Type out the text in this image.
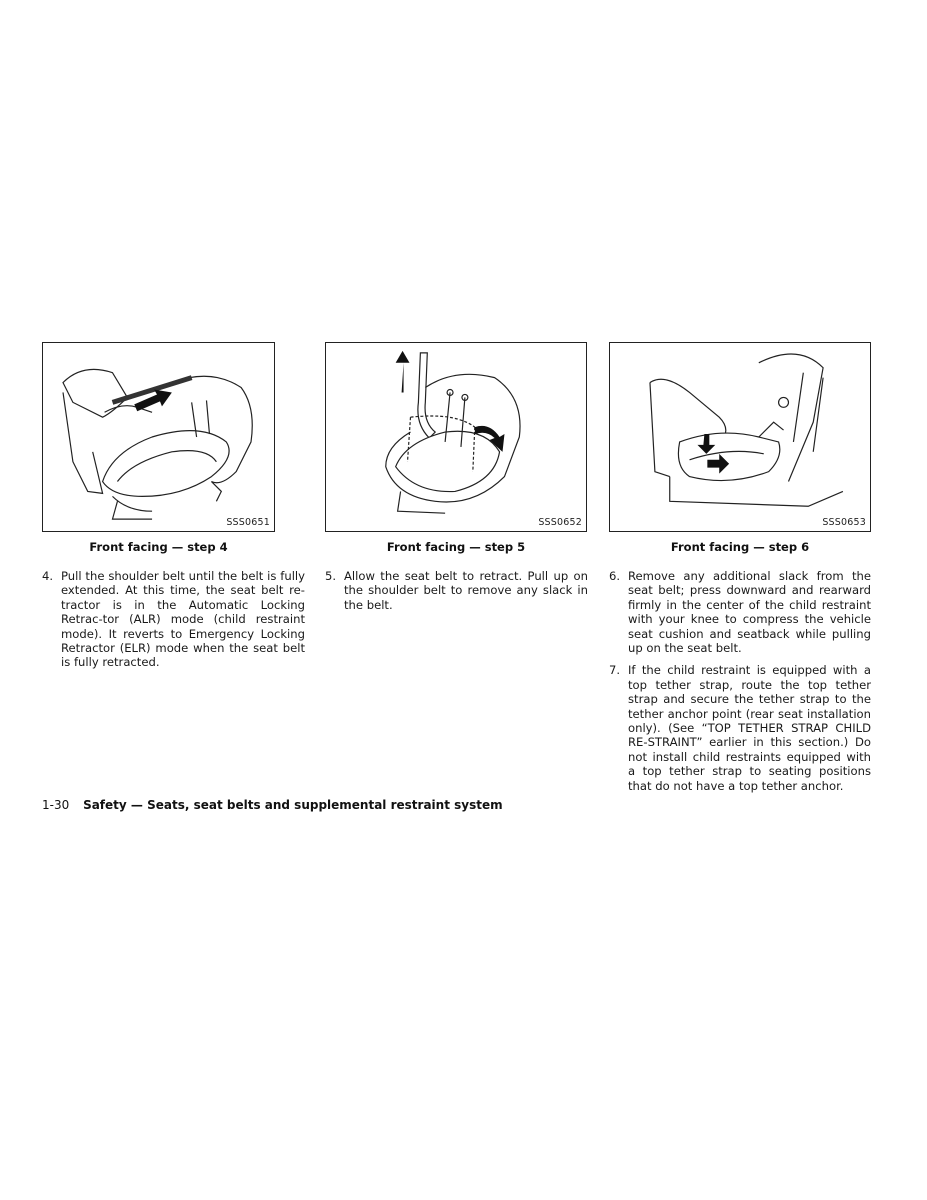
SSS0651
Front facing — step 4
SSS0652
Front facing — step 5
SSS0653
Front facing — step 6
4. Pull the shoulder belt until the belt is fully extended. At this time, the seat belt re-tractor is in the Automatic Locking Retrac-tor (ALR) mode (child restraint mode). It reverts to Emergency Locking Retractor (ELR) mode when the seat belt is fully retracted.
5. Allow the seat belt to retract. Pull up on the shoulder belt to remove any slack in the belt.
6. Remove any additional slack from the seat belt; press downward and rearward firmly in the center of the child restraint with your knee to compress the vehicle seat cushion and seatback while pulling up on the seat belt.
7. If the child restraint is equipped with a top tether strap, route the top tether strap and secure the tether strap to the tether anchor point (rear seat installation only). (See “TOP TETHER STRAP CHILD RE-STRAINT” earlier in this section.) Do not install child restraints equipped with a top tether strap to seating positions that do not have a top tether anchor.
1-30 Safety — Seats, seat belts and supplemental restraint system
